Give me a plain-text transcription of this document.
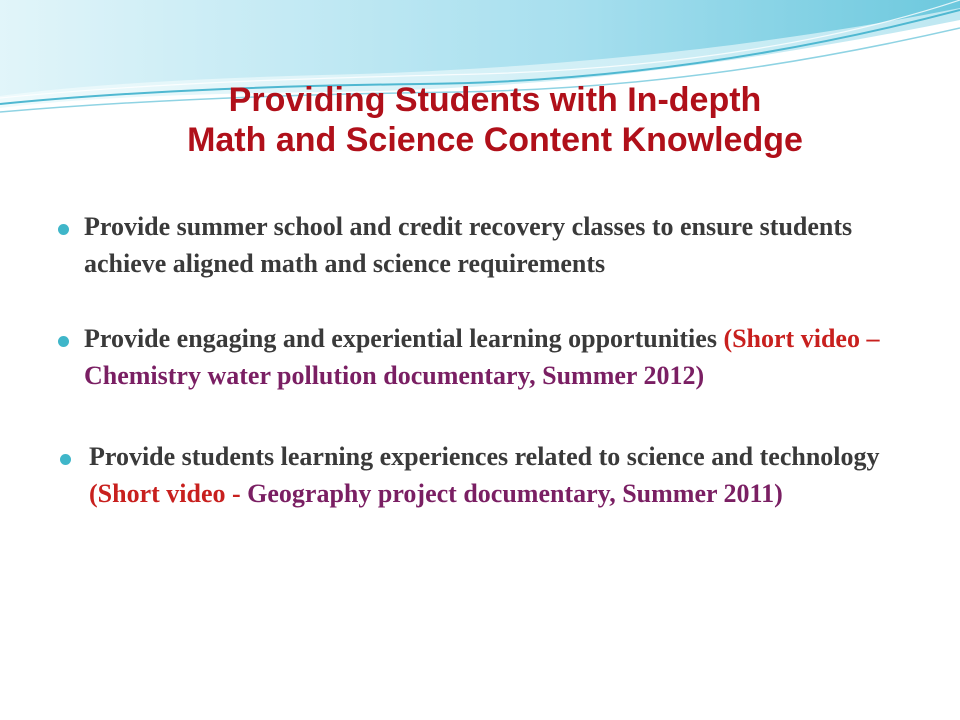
Providing Students with In-depth
Math and Science Content Knowledge
Provide summer school and credit recovery classes to ensure students achieve aligned math and science requirements
Provide engaging and experiential learning opportunities (Short video – Chemistry water pollution documentary, Summer 2012)
Provide students learning experiences related to science and technology (Short video - Geography project documentary, Summer 2011)
